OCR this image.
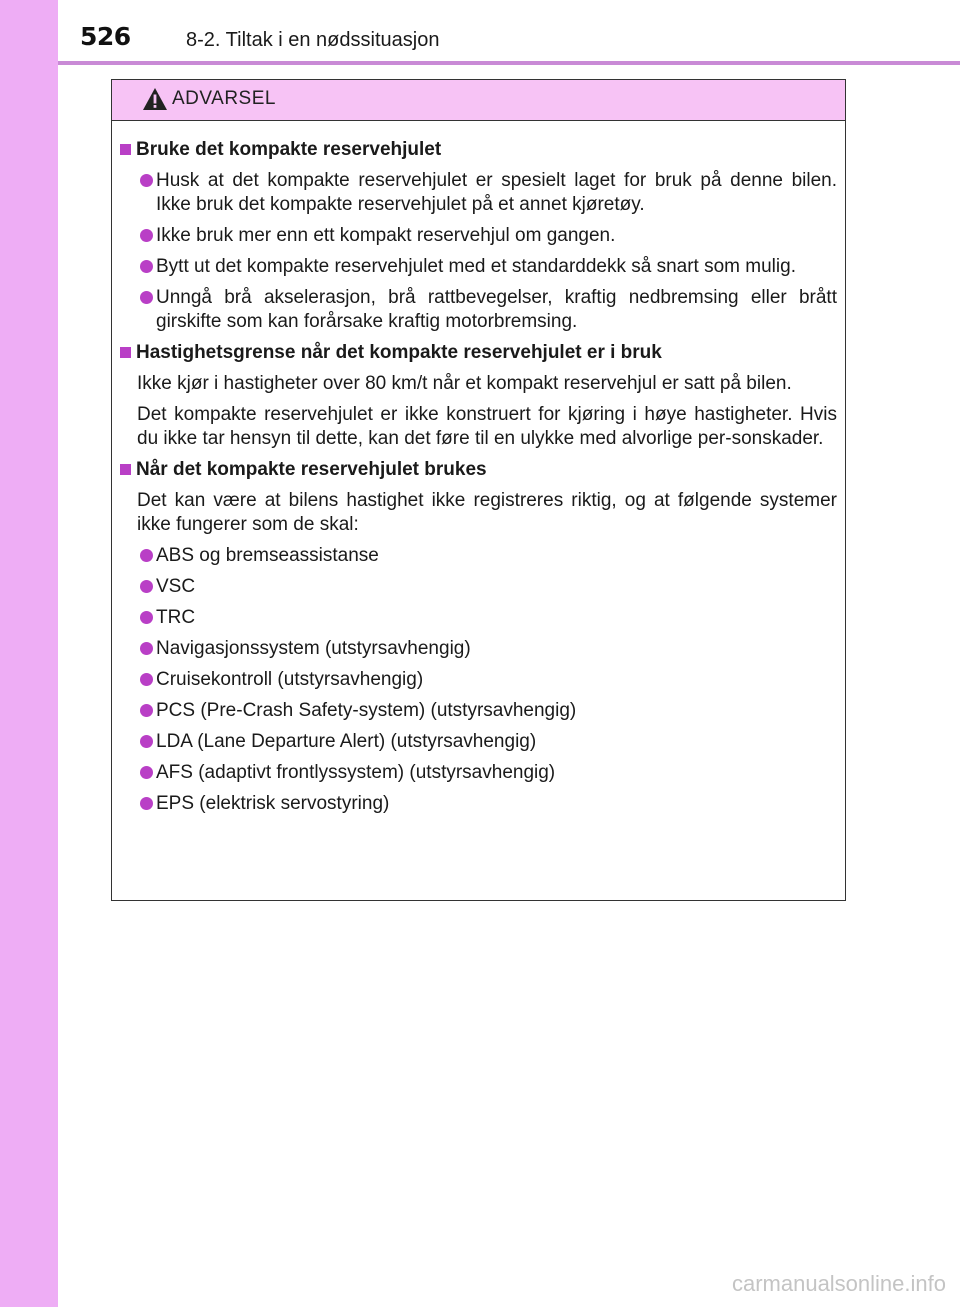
526	8-2. Tiltak i en nødssituasjon
ADVARSEL
Bruke det kompakte reservehjulet
Husk at det kompakte reservehjulet er spesielt laget for bruk på denne bilen. Ikke bruk det kompakte reservehjulet på et annet kjøretøy.
Ikke bruk mer enn ett kompakt reservehjul om gangen.
Bytt ut det kompakte reservehjulet med et standarddekk så snart som mulig.
Unngå brå akselerasjon, brå rattbevegelser, kraftig nedbremsing eller brått girskifte som kan forårsake kraftig motorbremsing.
Hastighetsgrense når det kompakte reservehjulet er i bruk
Ikke kjør i hastigheter over 80 km/t når et kompakt reservehjul er satt på bilen.
Det kompakte reservehjulet er ikke konstruert for kjøring i høye hastigheter. Hvis du ikke tar hensyn til dette, kan det føre til en ulykke med alvorlige per-sonskader.
Når det kompakte reservehjulet brukes
Det kan være at bilens hastighet ikke registreres riktig, og at følgende systemer ikke fungerer som de skal:
ABS og bremseassistanse
VSC
TRC
Navigasjonssystem (utstyrsavhengig)
Cruisekontroll (utstyrsavhengig)
PCS (Pre-Crash Safety-system) (utstyrsavhengig)
LDA (Lane Departure Alert) (utstyrsavhengig)
AFS (adaptivt frontlyssystem) (utstyrsavhengig)
EPS (elektrisk servostyring)
carmanualsonline.info
